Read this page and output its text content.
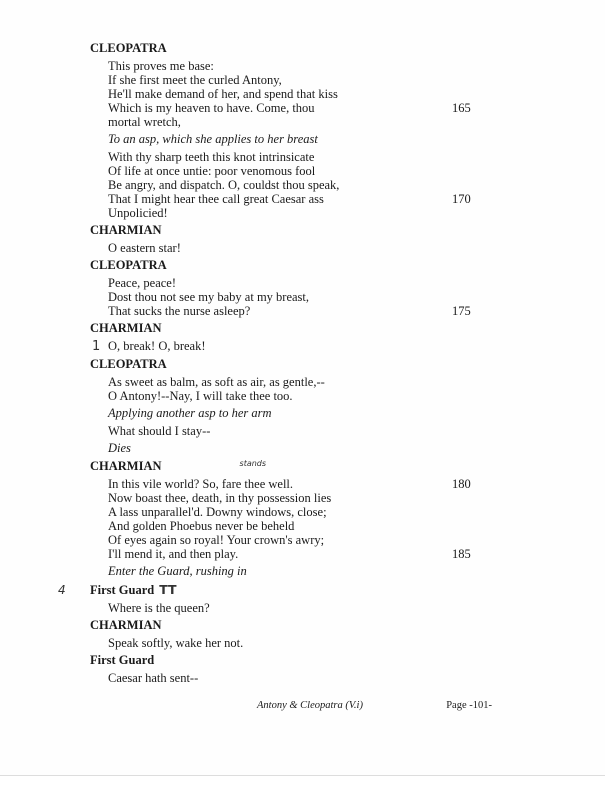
CLEOPATRA
This proves me base:
If she first meet the curled Antony,
He'll make demand of her, and spend that kiss
Which is my heaven to have. Come, thou	165
mortal wretch,
To an asp, which she applies to her breast
With thy sharp teeth this knot intrinsicate
Of life at once untie: poor venomous fool
Be angry, and dispatch. O, couldst thou speak,
That I might hear thee call great Caesar ass	170
Unpolicied!
CHARMIAN
O eastern star!
CLEOPATRA
Peace, peace!
Dost thou not see my baby at my breast,
That sucks the nurse asleep?	175
CHARMIAN
1 O, break! O, break!
CLEOPATRA
As sweet as balm, as soft as air, as gentle,--
O Antony!--Nay, I will take thee too.
Applying another asp to her arm
What should I stay--
Dies
CHARMIAN	stands
In this vile world? So, fare thee well.	180
Now boast thee, death, in thy possession lies
A lass unparallel'd. Downy windows, close;
And golden Phoebus never be beheld
Of eyes again so royal! Your crown's awry;
I'll mend it, and then play.	185
Enter the Guard, rushing in
4 First Guard TT
Where is the queen?
CHARMIAN
Speak softly, wake her not.
First Guard
Caesar hath sent--
Antony & Cleopatra (V.i)	Page -101-
